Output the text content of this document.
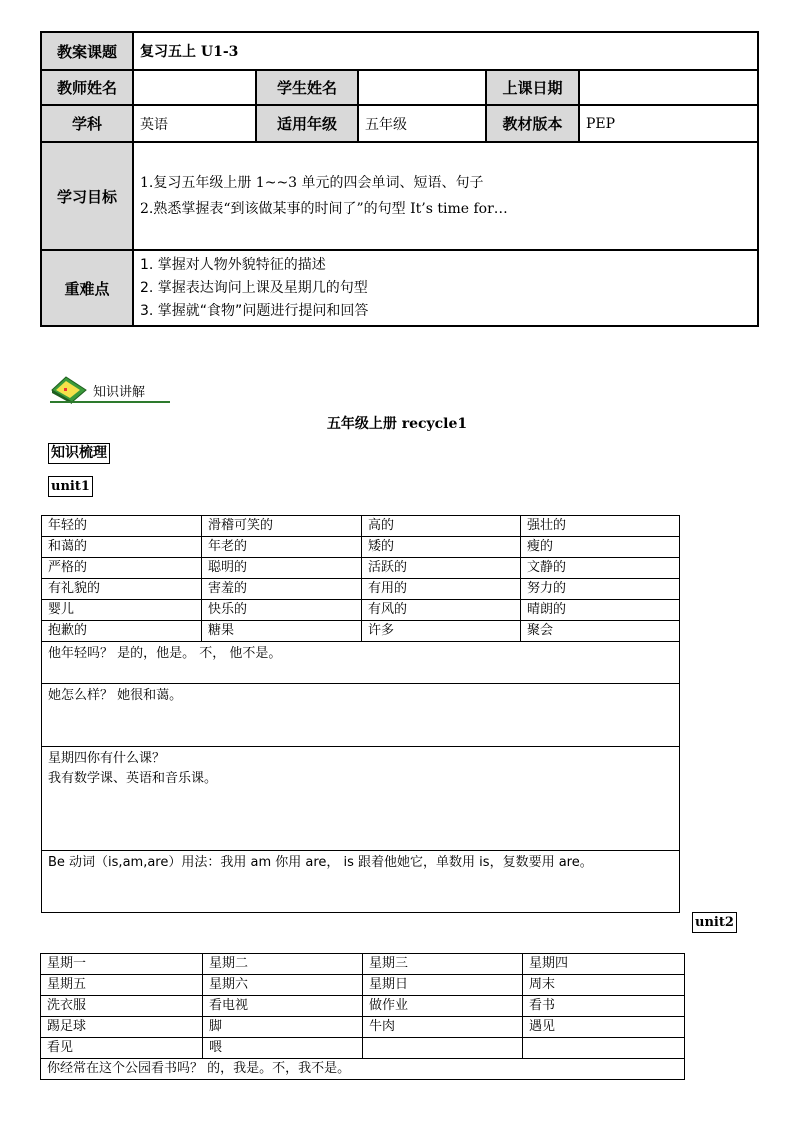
教案课题	复习五上 U1-3				
教师姓名		学生姓名		上课日期	
学科	英语	适用年级	五年级	教材版本	PEP
学习目标	1.复习五年级上册 1~~3 单元的四会单词、短语、句子
2.熟悉掌握表“到该做某事的时间了”的句型 It’s time for…				

重难点	1. 掌握对人物外貌特征的描述
2. 掌握表达询问上课及星期几的句型
3. 掌握就“食物”问题进行提问和回答				
知识讲解
五年级上册 recycle1
知识梳理
unit1
年轻的	滑稽可笑的	高的	强壮的
和蔼的	年老的	矮的	瘦的
严格的	聪明的	活跃的	文静的
有礼貌的	害羞的	有用的	努力的
婴儿	快乐的	有风的	晴朗的
抱歉的	糖果	许多	聚会

他年轻吗？ 是的，他是。 不， 他不是。			

她怎么样？ 她很和蔼。			

星期四你有什么课？
我有数学课、英语和音乐课。			

Be 动词（is,am,are）用法：我用 am 你用 are， is 跟着他她它，单数用 is，复数要用 are。			
unit2
星期一	星期二	星期三	星期四
星期五	星期六	星期日	周末
洗衣服	看电视	做作业	看书
踢足球	脚	牛肉	遇见
看见	喂		
你经常在这个公园看书吗？ 的，我是。不，我不是。			
